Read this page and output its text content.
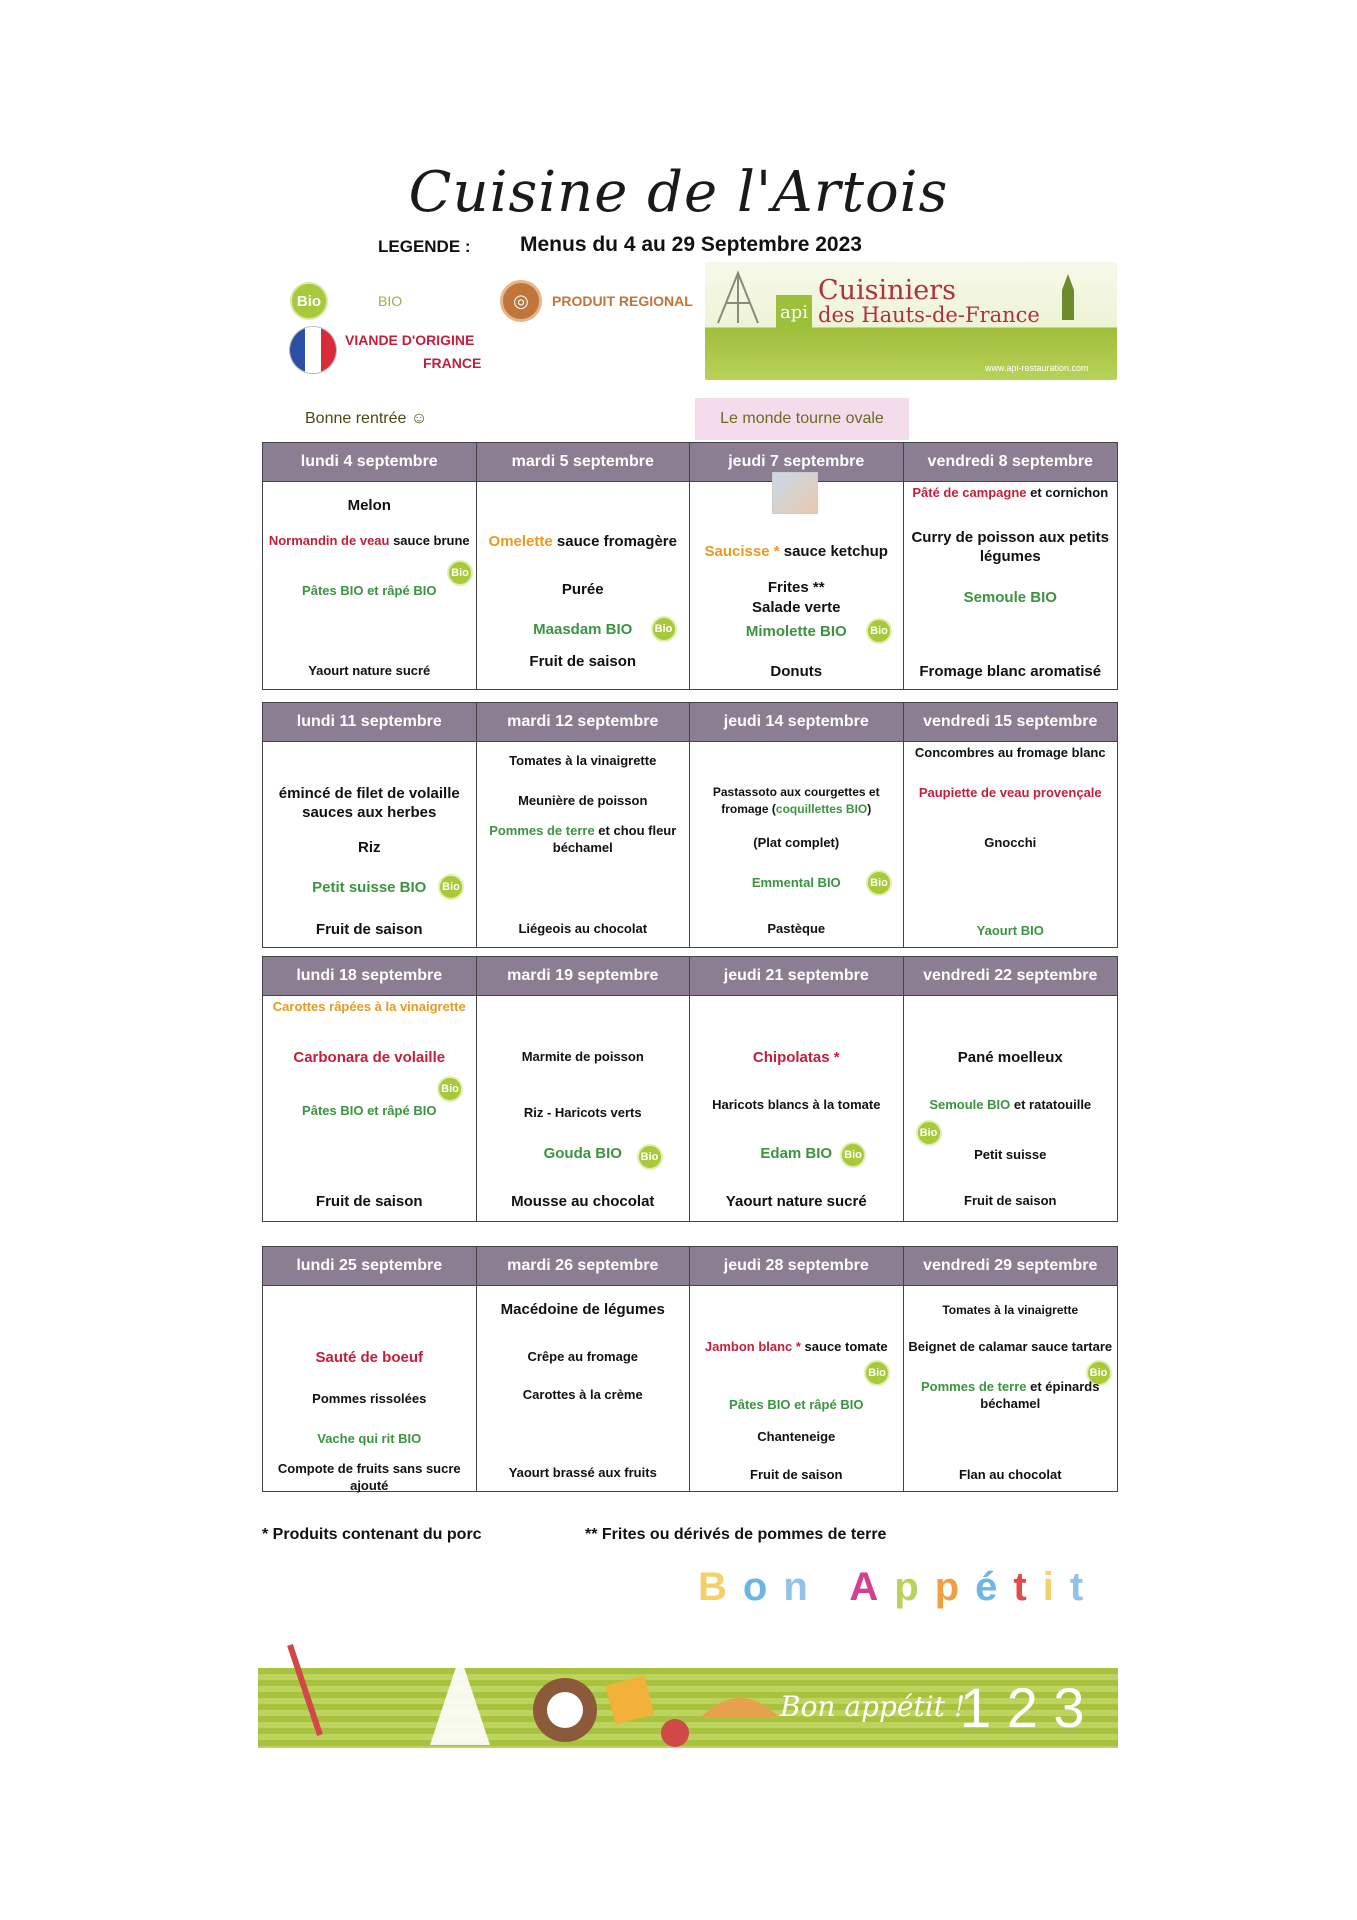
Cuisine de l'Artois
LEGENDE : Menus du 4 au 29 Septembre 2023
Bio	BIO
VIANDE D'ORIGINE
FRANCE
◎	PRODUIT REGIONAL
api
Cuisiniers
des Hauts-de-France
www.api-restauration.com
Bonne rentrée ☺	Le monde tourne ovale
lundi 4 septembre
Melon
Normandin de veau sauce brune
Bio
Pâtes BIO et râpé BIO
Yaourt nature sucré
mardi 5 septembre
Omelette sauce fromagère
Purée
Maasdam BIO	Bio
Fruit de saison
jeudi 7 septembre
Saucisse * sauce ketchup
Frites **
Salade verte
Mimolette BIO	Bio
Donuts
vendredi 8 septembre
Pâté de campagne et cornichon
Curry de poisson aux petits légumes
Semoule BIO
Fromage blanc aromatisé
lundi 11 septembre
émincé de filet de volaille sauces aux herbes
Riz
Petit suisse BIO	Bio
Fruit de saison
mardi 12 septembre
Tomates à la vinaigrette
Meunière de poisson
Pommes de terre et chou fleur béchamel
Liégeois au chocolat
jeudi 14 septembre
Pastassoto aux courgettes et fromage (coquillettes BIO)
(Plat complet)
Emmental BIO	Bio
Pastèque
vendredi 15 septembre
Concombres au fromage blanc
Paupiette de veau provençale
Gnocchi
Yaourt BIO
lundi 18 septembre
Carottes râpées à la vinaigrette
Carbonara de volaille
Bio
Pâtes BIO et râpé BIO
Fruit de saison
mardi 19 septembre
Marmite de poisson
Riz - Haricots verts
Gouda BIO	Bio
Mousse au chocolat
jeudi 21 septembre
Chipolatas *
Haricots blancs à la tomate
Edam BIO	Bio
Yaourt nature sucré
vendredi 22 septembre
Pané moelleux
Semoule BIO et ratatouille
Bio
Petit suisse
Fruit de saison
lundi 25 septembre
Sauté de boeuf
Pommes rissolées
Vache qui rit BIO
Compote de fruits sans sucre ajouté
mardi 26 septembre
Macédoine de légumes
Crêpe au fromage
Carottes à la crème
Yaourt brassé aux fruits
jeudi 28 septembre
Jambon blanc * sauce tomate
Bio
Pâtes BIO et râpé BIO
Chanteneige
Fruit de saison
vendredi 29 septembre
Tomates à la vinaigrette
Beignet de calamar sauce tartare
Bio
Pommes de terre et épinards béchamel
Flan au chocolat
* Produits contenant du porc	** Frites ou dérivés de pommes de terre
Bon Appétit
Bon appétit !
1 2 3
